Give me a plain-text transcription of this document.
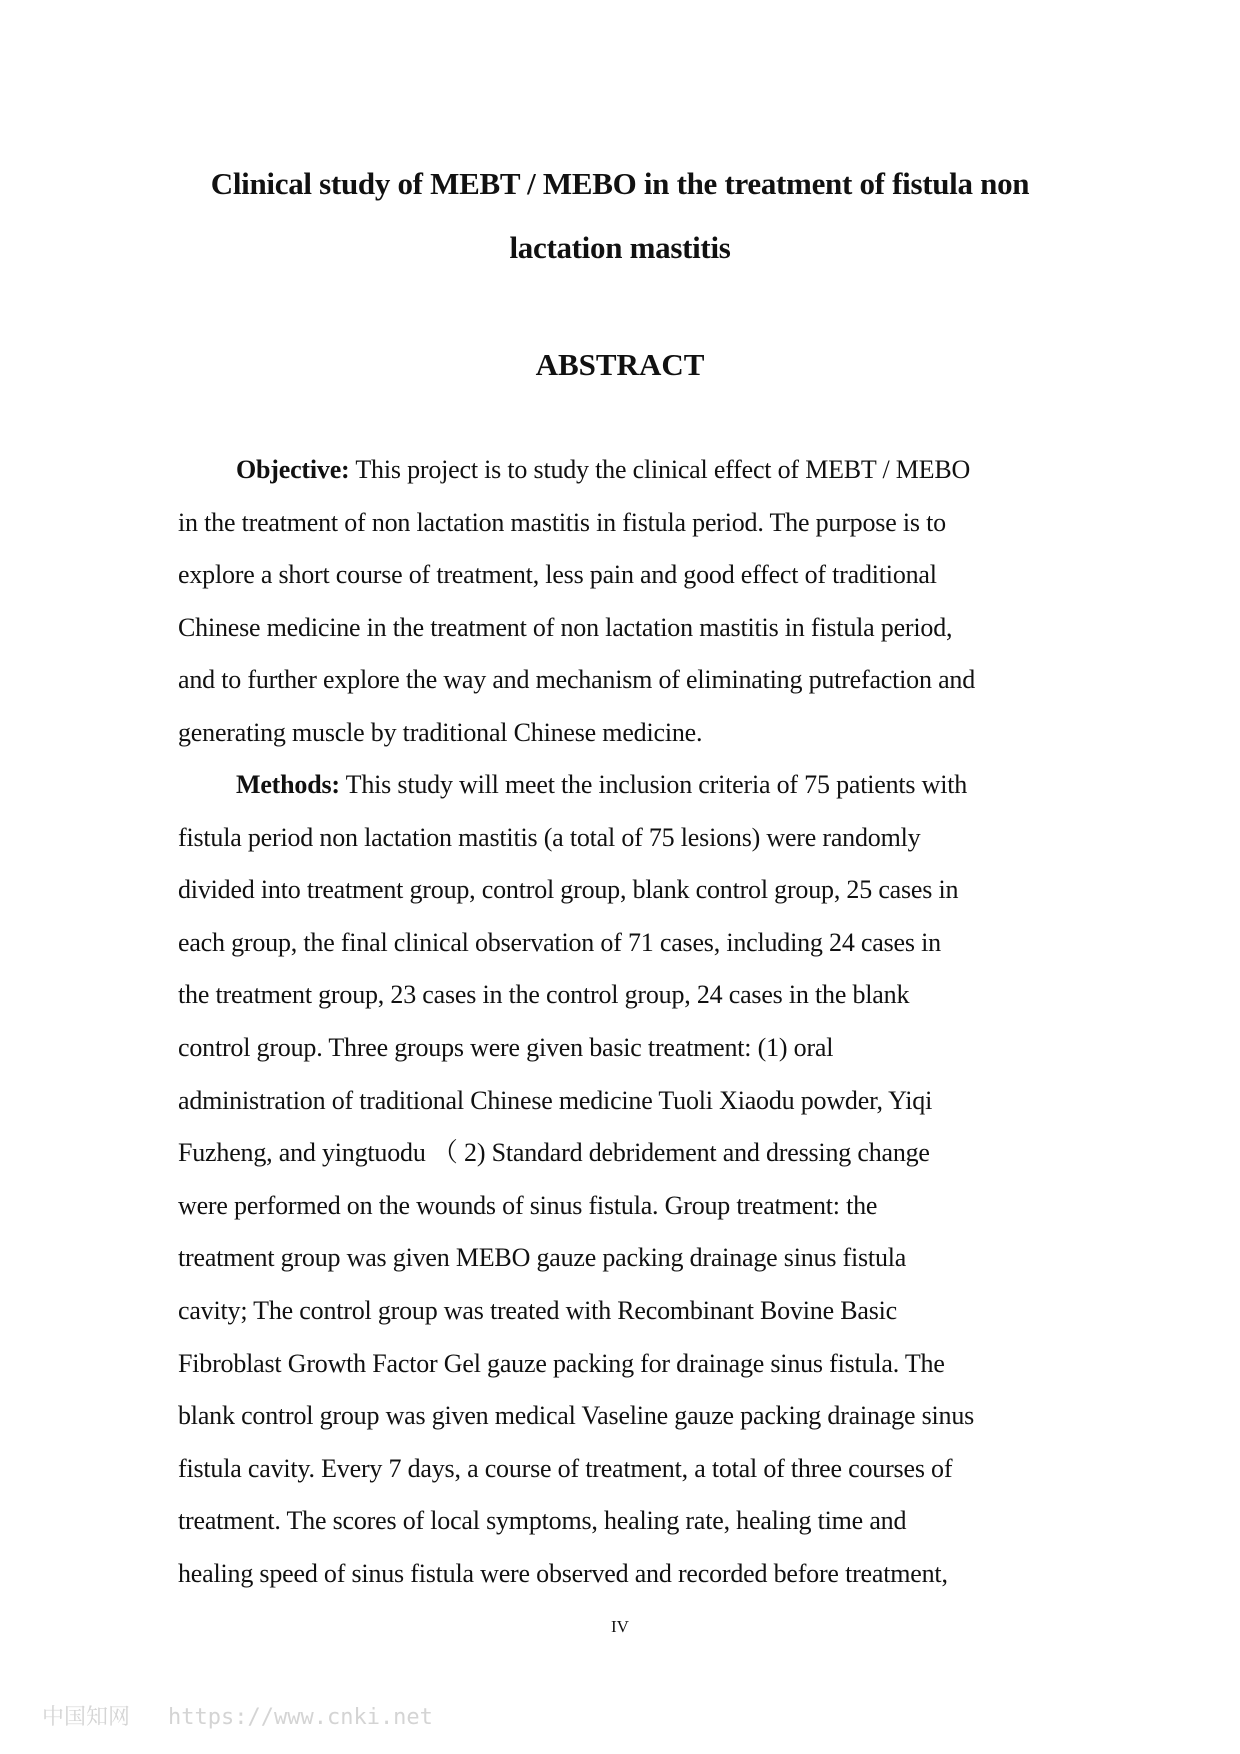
Clinical study of MEBT / MEBO in the treatment of fistula non
lactation mastitis
ABSTRACT
Objective: This project is to study the clinical effect of MEBT / MEBO
in the treatment of non lactation mastitis in fistula period. The purpose is to
explore a short course of treatment, less pain and good effect of traditional
Chinese medicine in the treatment of non lactation mastitis in fistula period,
and to further explore the way and mechanism of eliminating putrefaction and
generating muscle by traditional Chinese medicine.
Methods: This study will meet the inclusion criteria of 75 patients with
fistula period non lactation mastitis (a total of 75 lesions) were randomly
divided into treatment group, control group, blank control group, 25 cases in
each group, the final clinical observation of 71 cases, including 24 cases in
the treatment group, 23 cases in the control group, 24 cases in the blank
control group. Three groups were given basic treatment: (1) oral
administration of traditional Chinese medicine Tuoli Xiaodu powder, Yiqi
Fuzheng, and yingtuodu （ 2) Standard debridement and dressing change
were performed on the wounds of sinus fistula. Group treatment: the
treatment group was given MEBO gauze packing drainage sinus fistula
cavity; The control group was treated with Recombinant Bovine Basic
Fibroblast Growth Factor Gel gauze packing for drainage sinus fistula. The
blank control group was given medical Vaseline gauze packing drainage sinus
fistula cavity. Every 7 days, a course of treatment, a total of three courses of
treatment. The scores of local symptoms, healing rate, healing time and
healing speed of sinus fistula were observed and recorded before treatment,
IV
中国知网 https://www.cnki.net
